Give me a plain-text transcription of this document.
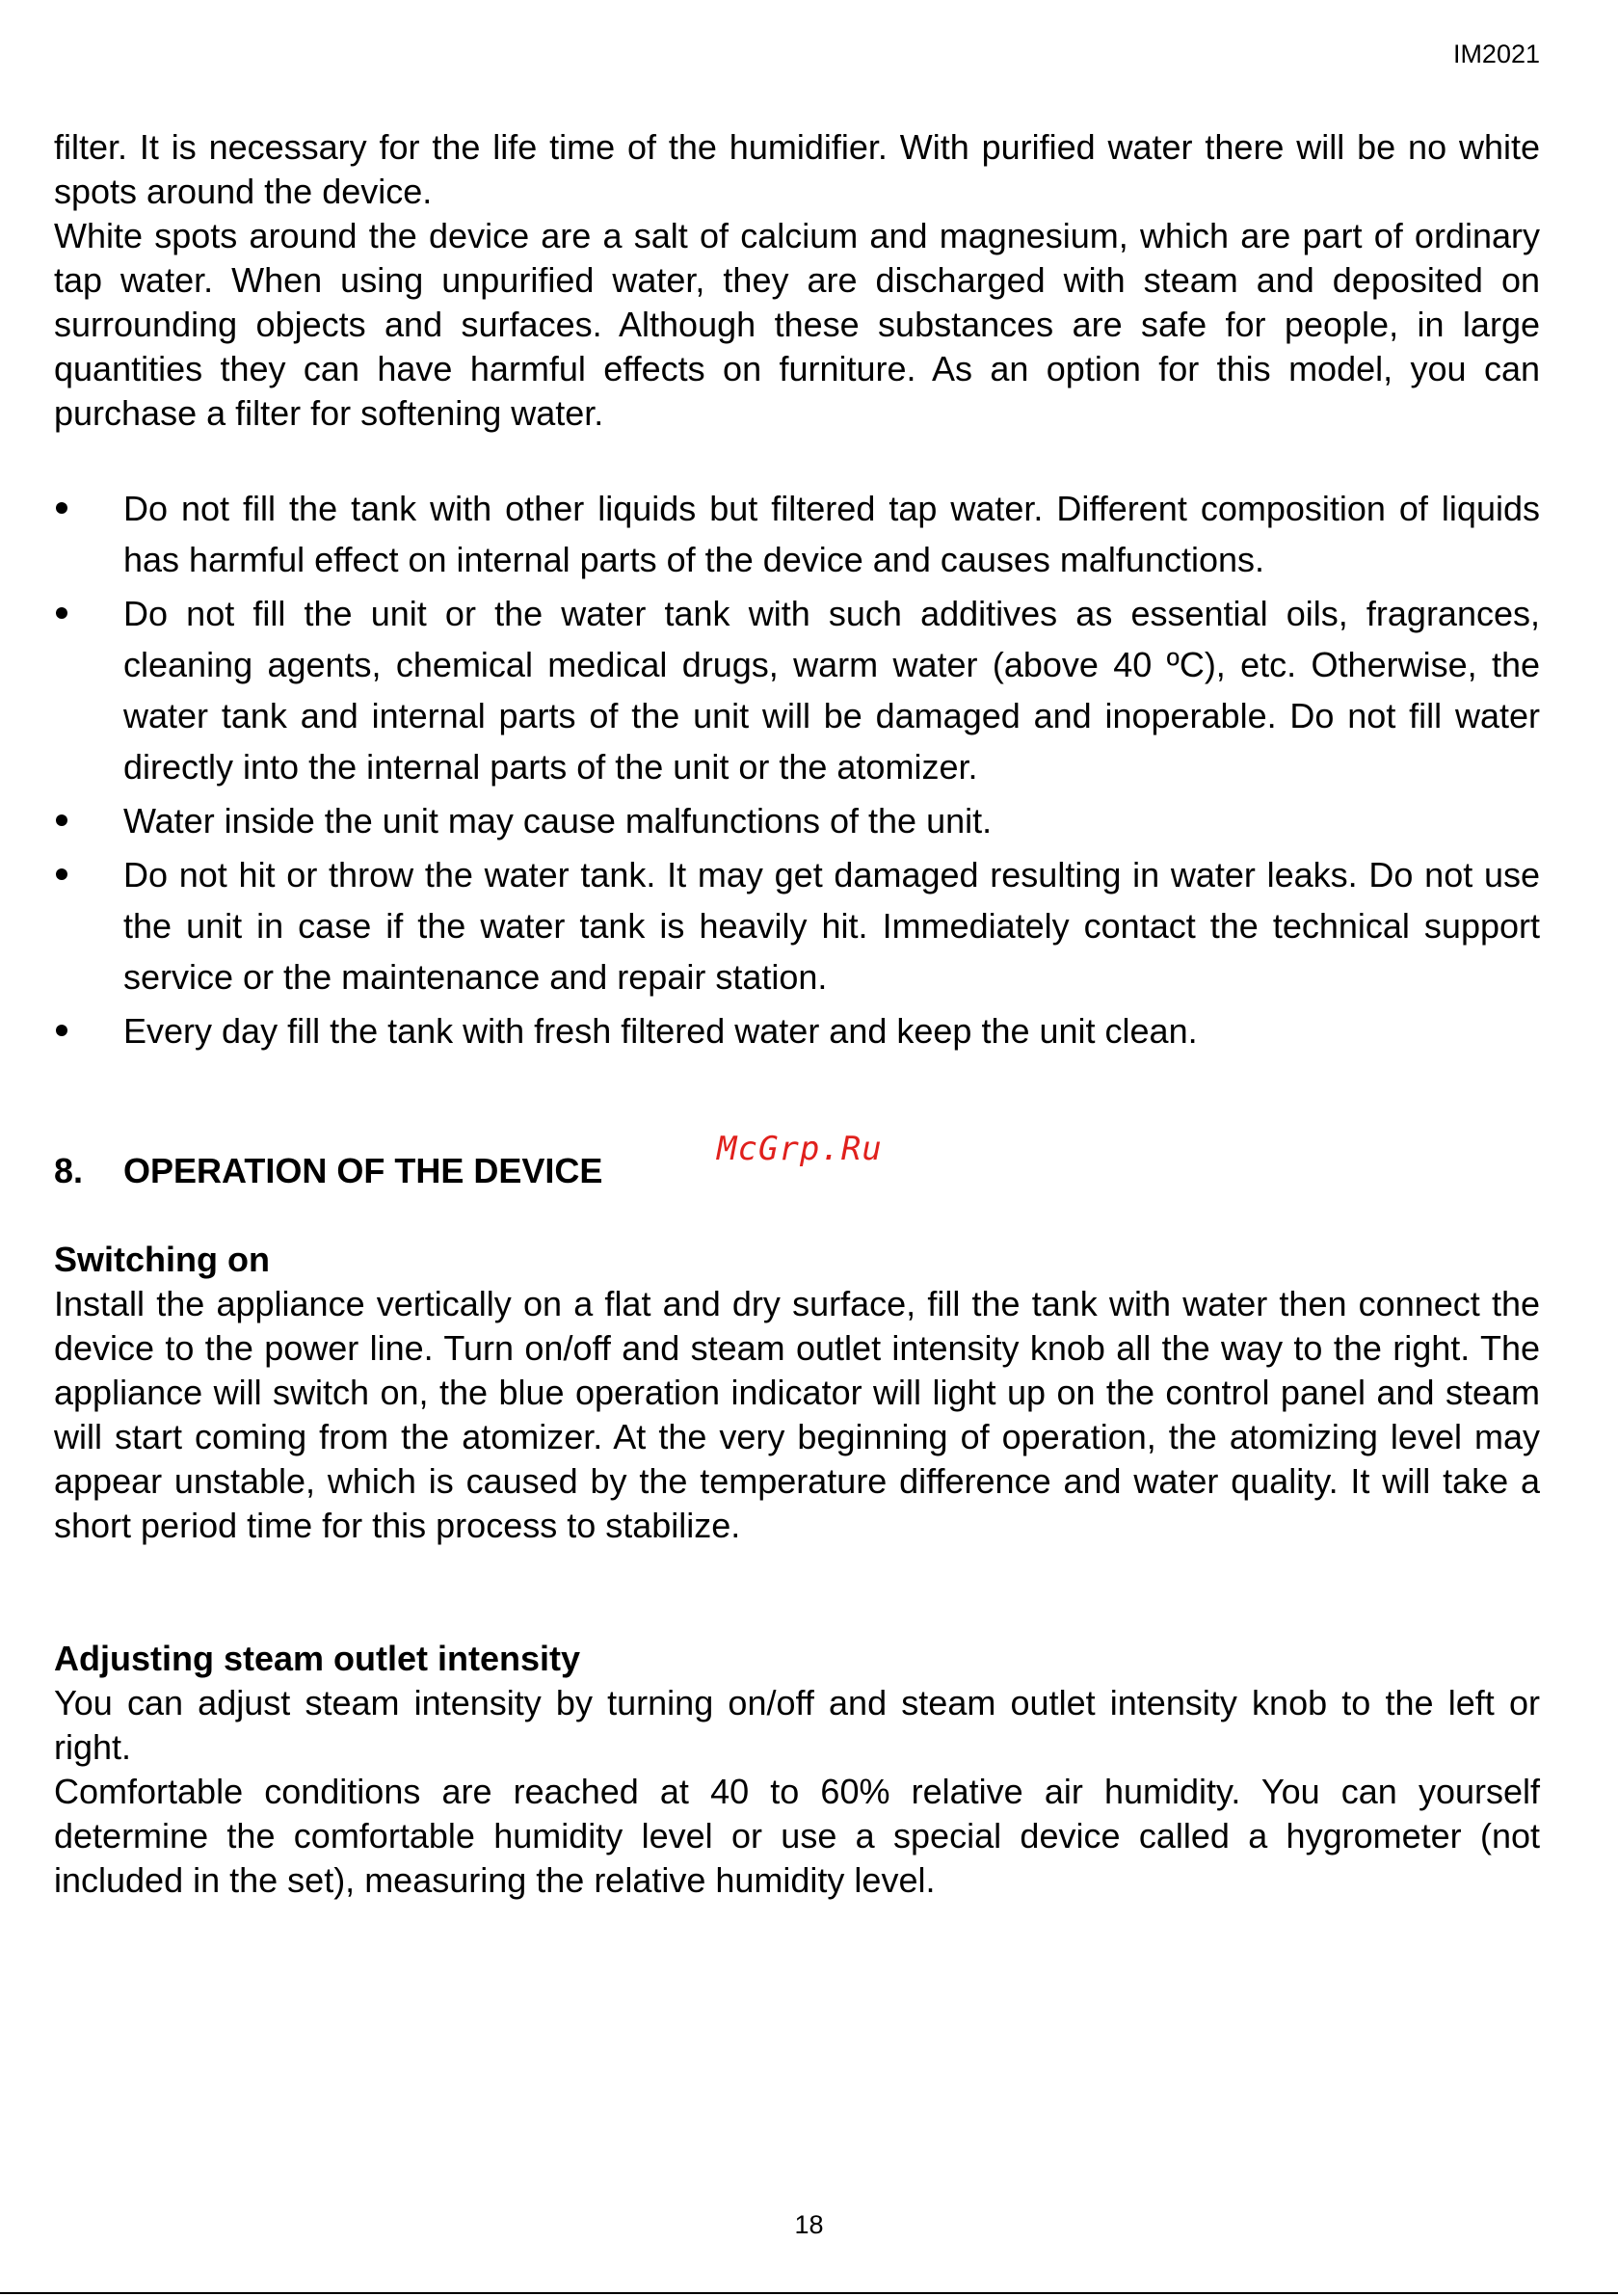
IM2021

filter. It is necessary for the life time of the humidifier. With purified water there will be no white spots around the device.

White spots around the device are a salt of calcium and magnesium, which are part of ordinary tap water. When using unpurified water, they are discharged with steam and deposited on surrounding objects and surfaces. Although these substances are safe for people, in large quantities they can have harmful effects on furniture. As an option for this model, you can purchase a filter for softening water.

Do not fill the tank with other liquids but filtered tap water. Different composition of liquids has harmful effect on internal parts of the device and causes malfunctions.
Do not fill the unit or the water tank with such additives as essential oils, fragrances, cleaning agents, chemical medical drugs, warm water (above 40 ºC), etc. Otherwise, the water tank and internal parts of the unit will be damaged and inoperable. Do not fill water directly into the internal parts of the unit or the atomizer.
Water inside the unit may cause malfunctions of the unit.
Do not hit or throw the water tank. It may get damaged resulting in water leaks. Do not use the unit in case if the water tank is heavily hit. Immediately contact the technical support service or the maintenance and repair station.
Every day fill the tank with fresh filtered water and keep the unit clean.
8. OPERATION OF THE DEVICE
McGrp.Ru

Switching on

Install the appliance vertically on a flat and dry surface, fill the tank with water then connect the device to the power line. Turn on/off and steam outlet intensity knob all the way to the right. The appliance will switch on, the blue operation indicator will light up on the control panel and steam will start coming from the atomizer. At the very beginning of operation, the atomizing level may appear unstable, which is caused by the temperature difference and water quality. It will take a short period time for this process to stabilize.

Adjusting steam outlet intensity

You can adjust steam intensity by turning on/off and steam outlet intensity knob to the left or right.

Comfortable conditions are reached at 40 to 60% relative air humidity. You can yourself determine the comfortable humidity level or use a special device called a hygrometer (not included in the set), measuring the relative humidity level.

18
